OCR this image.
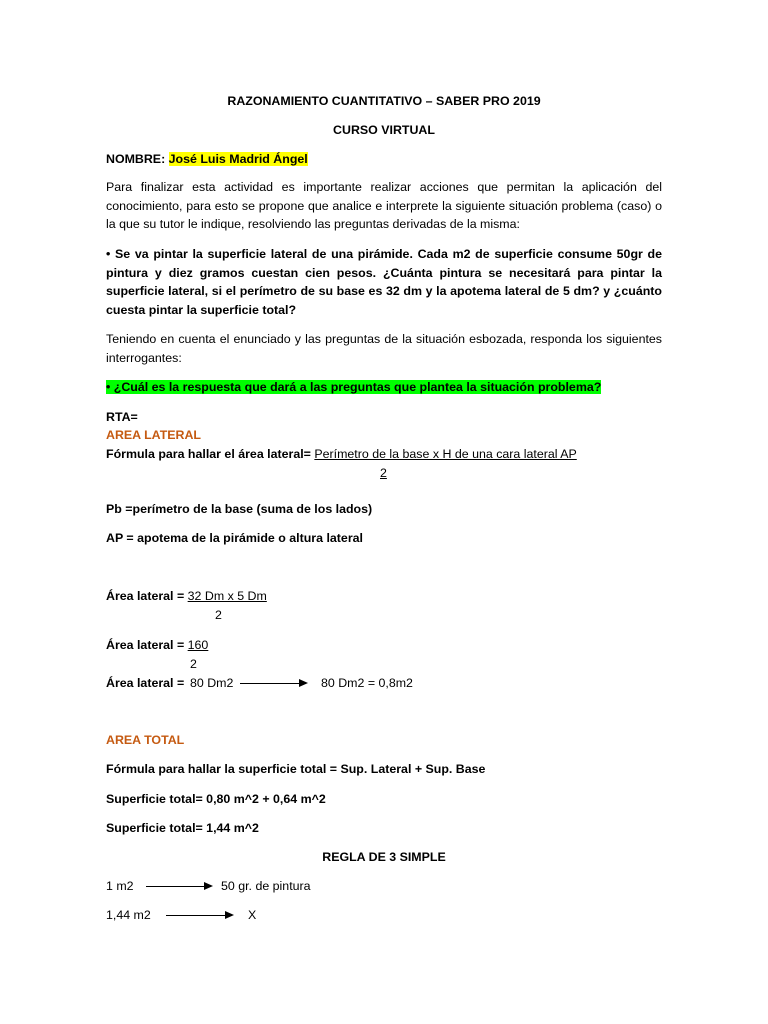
RAZONAMIENTO CUANTITATIVO – SABER PRO 2019
CURSO VIRTUAL
NOMBRE: José Luis Madrid Ángel
Para finalizar esta actividad es importante realizar acciones que permitan la aplicación del conocimiento, para esto se propone que analice e interprete la siguiente situación problema (caso) o la que su tutor le indique, resolviendo las preguntas derivadas de la misma:
• Se va pintar la superficie lateral de una pirámide. Cada m2 de superficie consume 50gr de pintura y diez gramos cuestan cien pesos. ¿Cuánta pintura se necesitará para pintar la superficie lateral, si el perímetro de su base es 32 dm y la apotema lateral de 5 dm? y ¿cuánto cuesta pintar la superficie total?
Teniendo en cuenta el enunciado y las preguntas de la situación esbozada, responda los siguientes interrogantes:
• ¿Cuál es la respuesta que dará a las preguntas que plantea la situación problema?
RTA=
AREA LATERAL
Fórmula para hallar el área lateral= Perímetro de la base x H de una cara lateral AP
2
Pb =perímetro de la base (suma de los lados)
AP = apotema de la pirámide o altura lateral
Área lateral = 32 Dm x 5 Dm
2
Área lateral = 160
2
Área lateral = 80 Dm2	80 Dm2 = 0,8m2
AREA TOTAL
Fórmula para hallar la superficie total = Sup. Lateral + Sup. Base
Superficie total= 0,80 m^2 + 0,64 m^2
Superficie total= 1,44 m^2
REGLA DE 3 SIMPLE
1 m2	50 gr. de pintura
1,44 m2	X
